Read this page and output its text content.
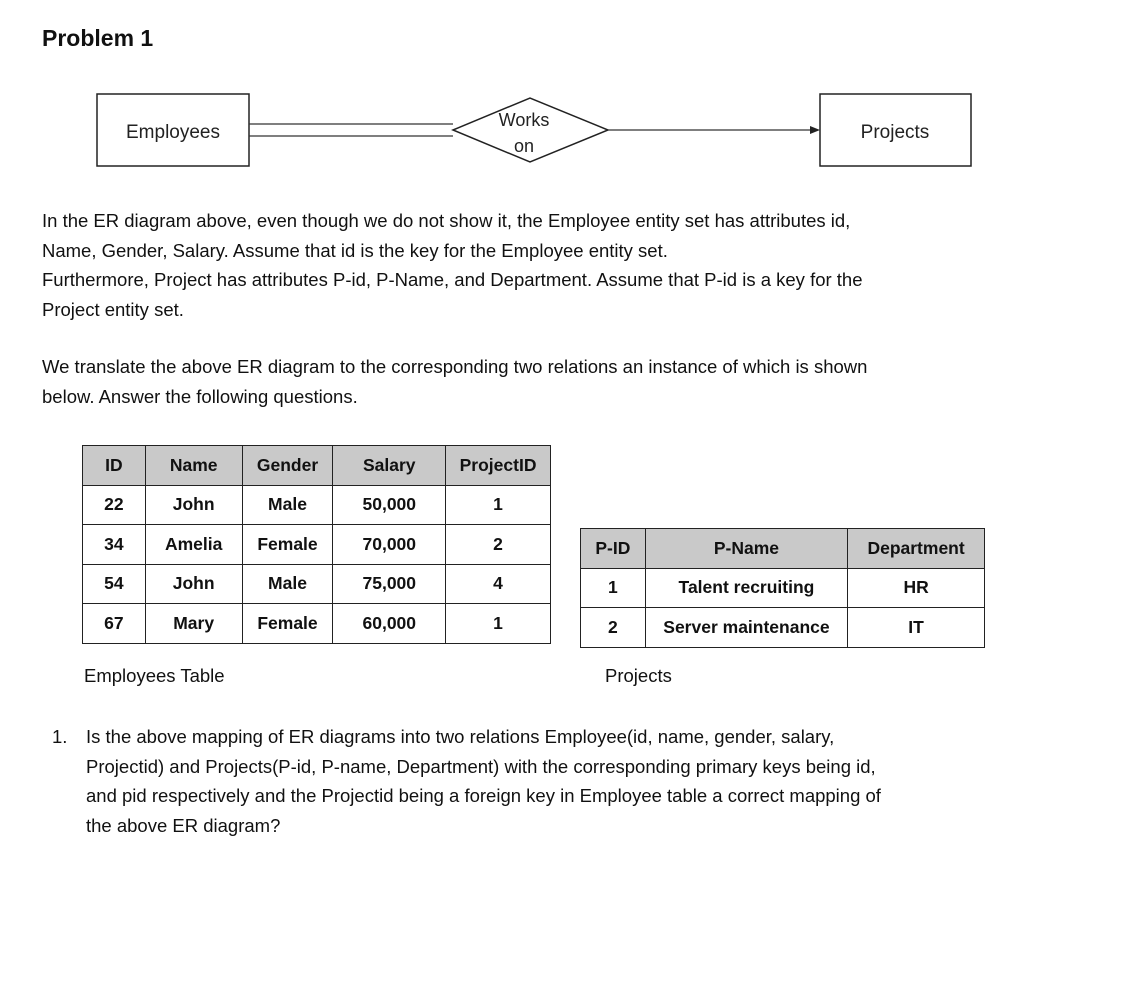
Problem 1
Employees
Works
on
Projects
In the ER diagram above, even though we do not show it, the Employee entity set has attributes id,
Name, Gender, Salary. Assume that id is the key for the Employee entity set.
Furthermore, Project has attributes P-id, P-Name, and Department. Assume that P-id is a key for the
Project entity set.
We translate the above ER diagram to the corresponding two relations an instance of which is shown
below. Answer the following questions.
ID	Name	Gender	Salary	ProjectID
22	John	Male	50,000	1
34	Amelia	Female	70,000	2
54	John	Male	75,000	4
67	Mary	Female	60,000	1
Employees Table
P-ID	P-Name	Department
1	Talent recruiting	HR
2	Server maintenance	IT
Projects
1. Is the above mapping of ER diagrams into two relations Employee(id, name, gender, salary,
Projectid) and Projects(P-id, P-name, Department) with the corresponding primary keys being id,
and pid respectively and the Projectid being a foreign key in Employee table a correct mapping of
the above ER diagram?
